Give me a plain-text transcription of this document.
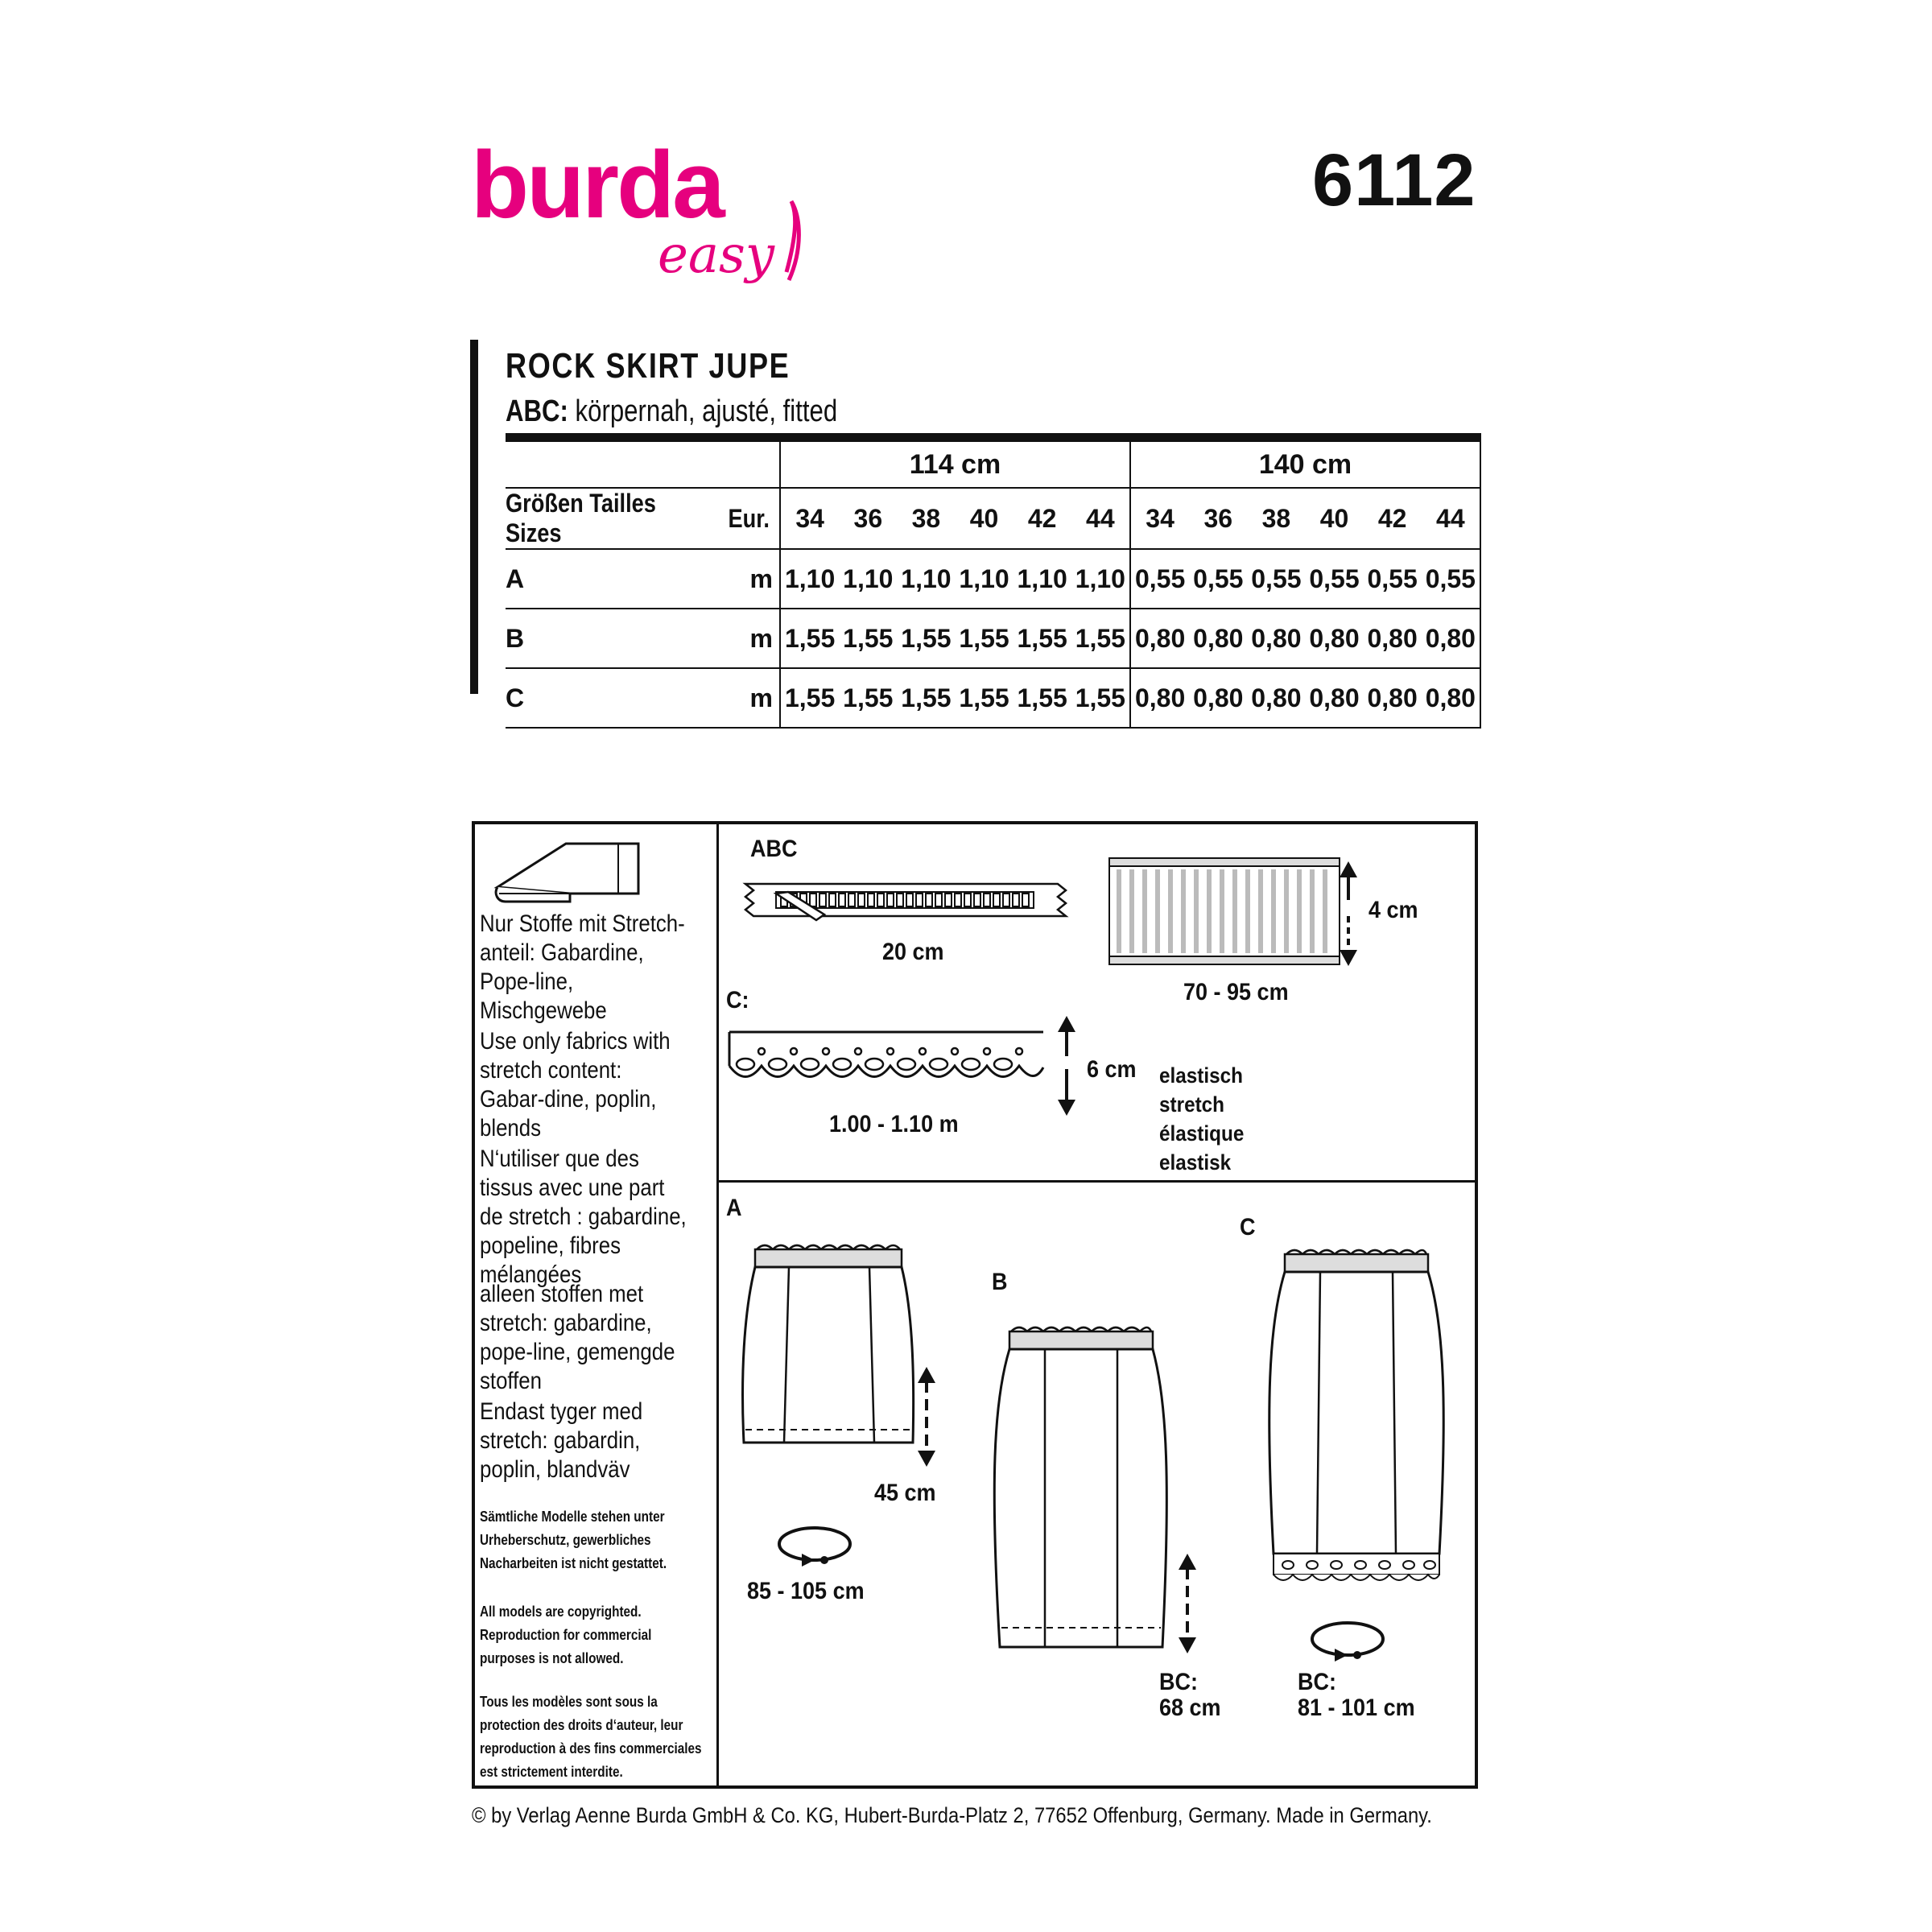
burda
easy
6112
ROCK SKIRT JUPE
ABC: körpernah, ajusté, fitted
		114 cm						140 cm					
Größen Tailles Sizes	Eur.	34	36	38	40	42	44	34	36	38	40	42	44
A	m	1,10	1,10	1,10	1,10	1,10	1,10	0,55	0,55	0,55	0,55	0,55	0,55
B	m	1,55	1,55	1,55	1,55	1,55	1,55	0,80	0,80	0,80	0,80	0,80	0,80
C	m	1,55	1,55	1,55	1,55	1,55	1,55	0,80	0,80	0,80	0,80	0,80	0,80
Nur Stoffe mit Stretch-anteil: Gabardine, Pope-line, Mischgewebe
Use only fabrics with stretch content: Gabar-dine, poplin, blends
N‘utiliser que des tissus avec une part de stretch : gabardine, popeline, fibres mélangées
alleen stoffen met stretch: gabardine, pope-line, gemengde stoffen
Endast tyger med stretch: gabardin, poplin, blandväv
Sämtliche Modelle stehen unter Urheberschutz, gewerbliches Nacharbeiten ist nicht gestattet.
All models are copyrighted. Reproduction for commercial purposes is not allowed.
Tous les modèles sont sous la protection des droits d‘auteur, leur reproduction à des fins commerciales est strictement interdite.
ABC
20 cm
4 cm
70 - 95 cm
C:
6 cm
1.00 - 1.10 m
elastisch
stretch
élastique
elastisk
A
45 cm
85 - 105 cm
B
BC:
68 cm
C
BC:
81 - 101 cm
© by Verlag Aenne Burda GmbH & Co. KG, Hubert-Burda-Platz 2, 77652 Offenburg, Germany. Made in Germany.
